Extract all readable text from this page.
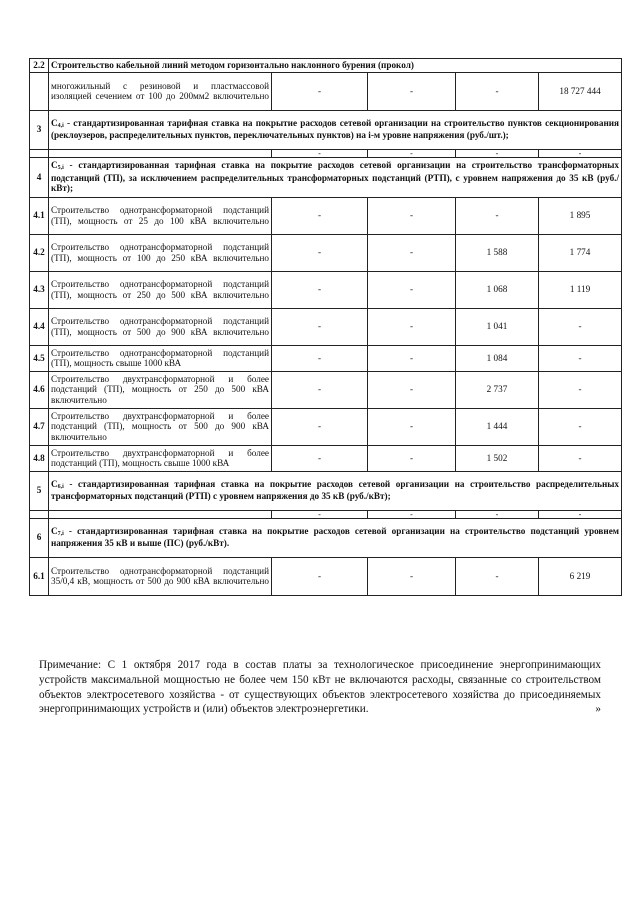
2.2	Строительство кабельной линий методом горизонтально наклонного бурения (прокол)				
	многожильный с резиновой и пластмассовой изоляцией сечением от 100 до 200мм2 включительно	-	-	-	18 727 444
3	С4,i - стандартизированная тарифная ставка на покрытие расходов сетевой организации на строительство пунктов секционирования (реклоузеров, распределительных пунктов, переключательных пунктов) на i-м уровне напряжения (руб./шт.);				
		-	-	-	-
4	С5,i - стандартизированная тарифная ставка на покрытие расходов сетевой организации на строительство трансформаторных подстанций (ТП), за исключением распределительных трансформаторных подстанций (РТП), с уровнем напряжения до 35 кВ (руб./кВт);				
4.1	Строительство однотрансформаторной подстанций (ТП), мощность от 25 до 100 кВА включительно	-	-	-	1 895
4.2	Строительство однотрансформаторной подстанций (ТП), мощность от 100 до 250 кВА включительно	-	-	1 588	1 774
4.3	Строительство однотрансформаторной подстанций (ТП), мощность от 250 до 500 кВА включительно	-	-	1 068	1 119
4.4	Строительство однотрансформаторной подстанций (ТП), мощность от 500 до 900 кВА включительно	-	-	1 041	-
4.5	Строительство однотрансформаторной подстанций (ТП), мощность свыше 1000 кВА	-	-	1 084	-
4.6	Строительство двухтрансформаторной и более подстанций (ТП), мощность от 250 до 500 кВА включительно	-	-	2 737	-
4.7	Строительство двухтрансформаторной и более подстанций (ТП), мощность от 500 до 900 кВА включительно	-	-	1 444	-
4.8	Строительство двухтрансформаторной и более подстанций (ТП), мощность свыше 1000 кВА	-	-	1 502	-
5	С6,i - стандартизированная тарифная ставка на покрытие расходов сетевой организации на строительство распределительных трансформаторных подстанций (РТП) с уровнем напряжения до 35 кВ (руб./кВт);				
		-	-	-	-
6	С7,i - стандартизированная тарифная ставка на покрытие расходов сетевой организации на строительство подстанций уровнем напряжения 35 кВ и выше (ПС) (руб./кВт).				
6.1	Строительство однотрансформаторной подстанций 35/0,4 кВ, мощность от 500 до 900 кВА включительно	-	-	-	6 219

Примечание: С 1 октября 2017 года в состав платы за технологическое присоединение энергопринимающих устройств максимальной мощностью не более чем 150 кВт не включаются расходы, связанные со строительством объектов электросетевого хозяйства - от существующих объектов электросетевого хозяйства до присоединяемых энергопринимающих устройств и (или) объектов электроэнергетики.	»
